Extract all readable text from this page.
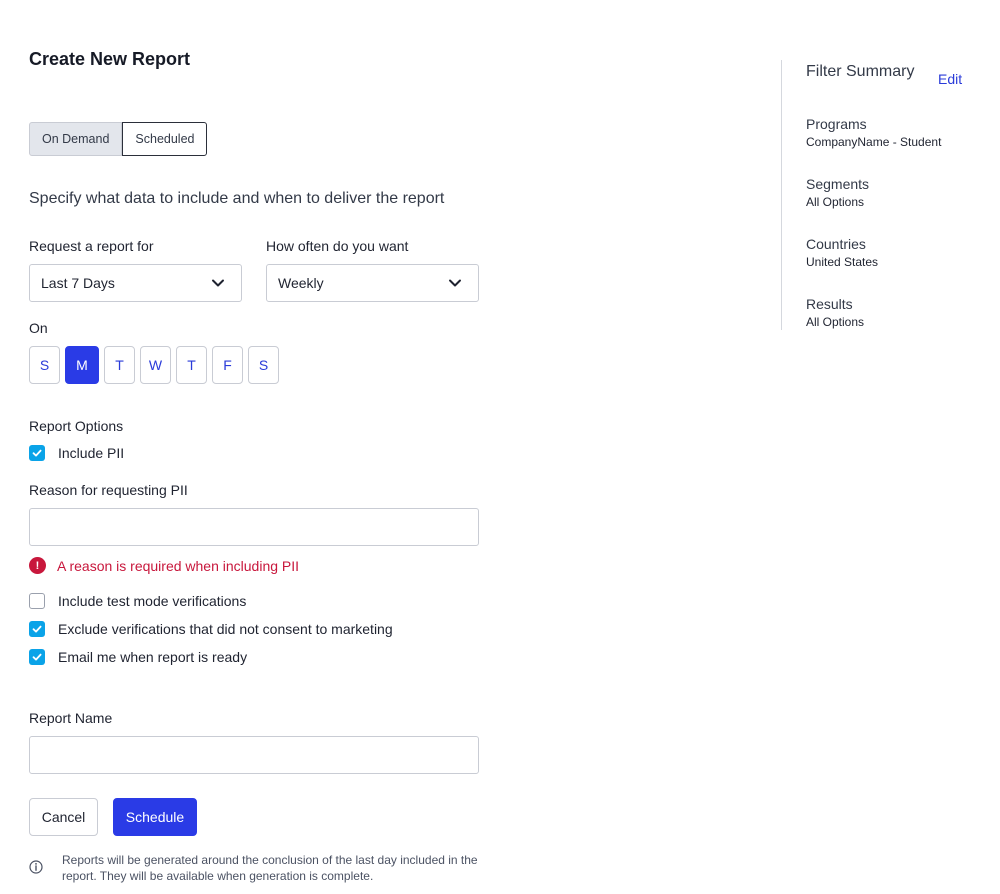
Create New Report
On Demand	Scheduled
Specify what data to include and when to deliver the report
Request a report for
Last 7 Days
How often do you want
Weekly
On
S	M	T	W	T	F	S
Report Options
Include PII
Reason for requesting PII
!	A reason is required when including PII
Include test mode verifications
Exclude verifications that did not consent to marketing
Email me when report is ready
Report Name
Cancel	Schedule
Reports will be generated around the conclusion of the last day included in the report. They will be available when generation is complete.
Filter Summary Edit
Programs
CompanyName - Student
Segments
All Options
Countries
United States
Results
All Options
